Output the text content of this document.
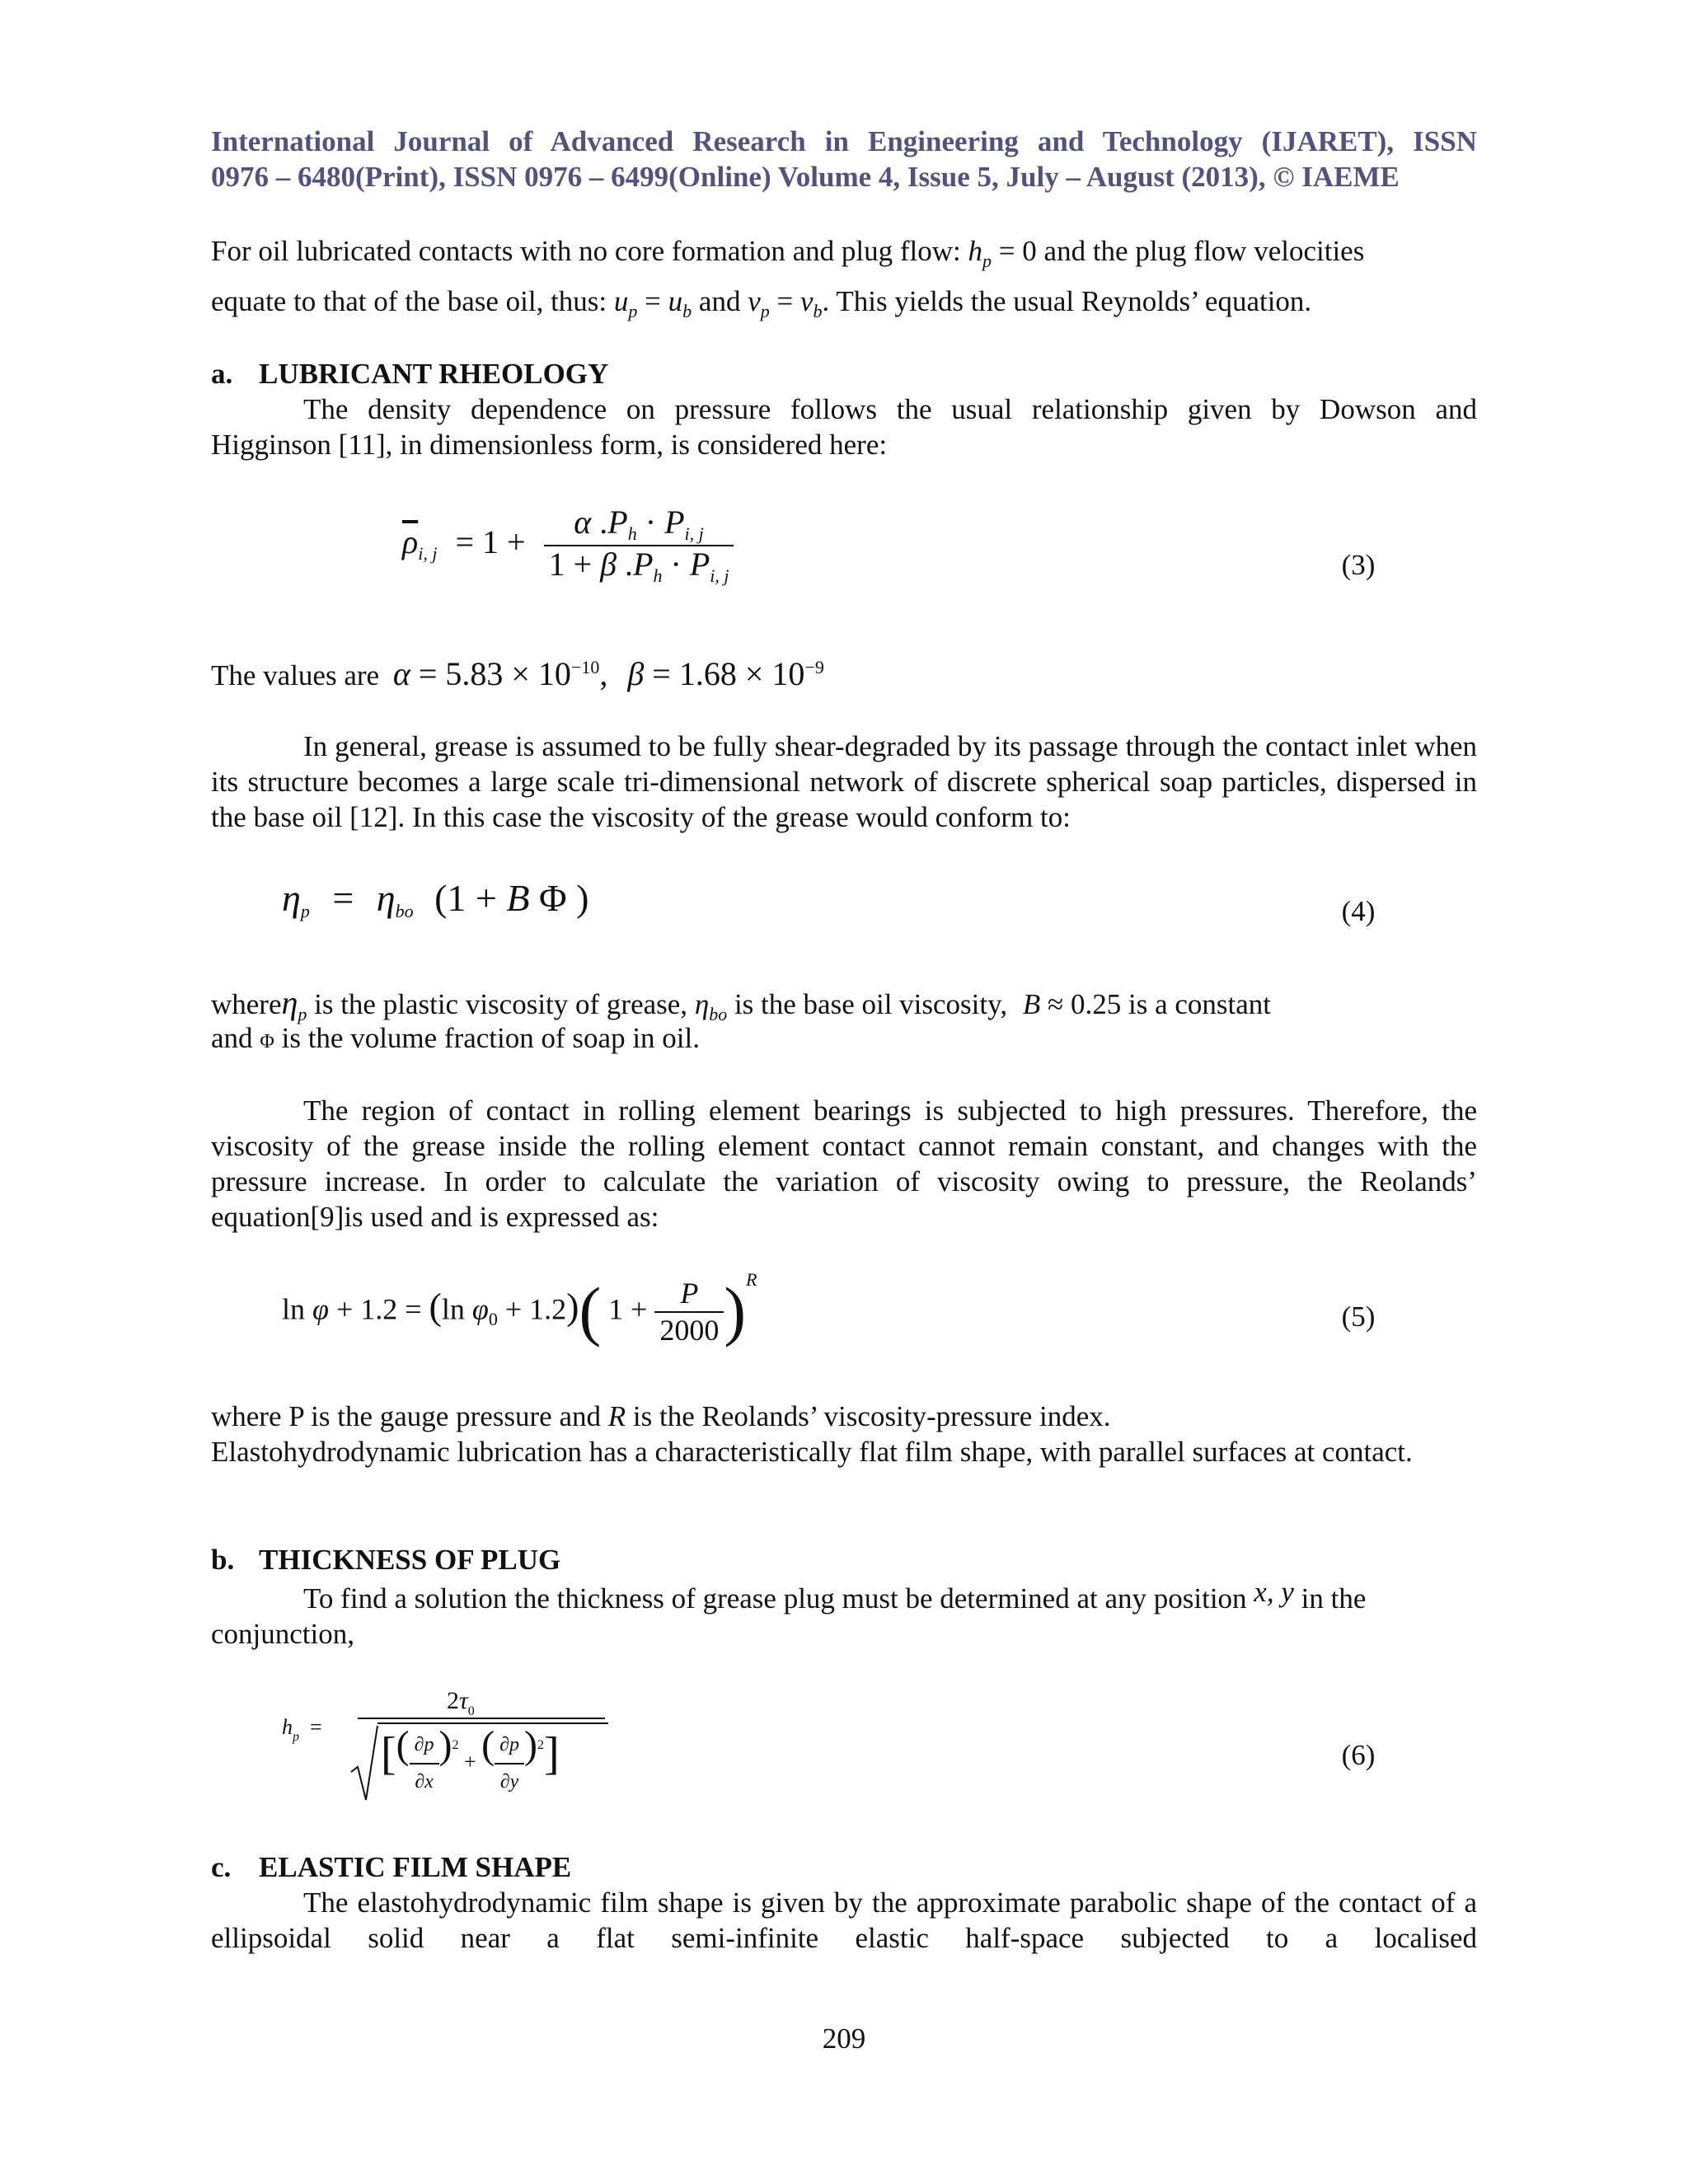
International Journal of Advanced Research in Engineering and Technology (IJARET), ISSN
0976 – 6480(Print), ISSN 0976 – 6499(Online) Volume 4, Issue 5, July – August (2013), © IAEME
For oil lubricated contacts with no core formation and plug flow: $h_p = 0$ and the plug flow velocities
equate to that of the base oil, thus: $u_p = u_b$ and $v_p = v_b$. This yields the usual Reynolds’ equation.
a. LUBRICANT RHEOLOGY
The density dependence on pressure follows the usual relationship given by Dowson and
Higginson [11], in dimensionless form, is considered here:
$\overline{\rho}_{i, j} = 1 + \frac{\alpha .P_h \cdot P_{i, j}}{1 + \beta .P_h \cdot P_{i, j}}$	(3)
The values are $\alpha = 5.83 \times 10^{-10}$, $\beta = 1.68 \times 10^{-9}$
In general, grease is assumed to be fully shear-degraded by its passage through the contact inlet when its structure becomes a large scale tri-dimensional network of discrete spherical soap particles, dispersed in the base oil [12]. In this case the viscosity of the grease would conform to:
ηp = ηbo (1 + B Φ )	(4)
whereη$_p$ is the plastic viscosity of grease, $\eta_{bo}$ is the base oil viscosity, B ≈ 0.25 is a constant
and Φ is the volume fraction of soap in oil.
The region of contact in rolling element bearings is subjected to high pressures. Therefore, the viscosity of the grease inside the rolling element contact cannot remain constant, and changes with the pressure increase. In order to calculate the variation of viscosity owing to pressure, the Reolands’ equation[9]is used and is expressed as:
ln φ + 1.2 = (ln $\varphi_0 + 1.2$)( $1 + \frac{P}{2000} )^R$
(5)
where P is the gauge pressure and R is the Reolands’ viscosity-pressure index.
Elastohydrodynamic lubrication has a characteristically flat film shape, with parallel surfaces at contact.
b. THICKNESS OF PLUG
To find a solution the thickness of grease plug must be determined at any position x, y in the
conjunction,
$h_p$  =
$2\tau_0$
[( $\frac{\partial p}{\partial x} )^2$ + ( $\frac{\partial p}{\partial y} )^2$]	(6)
c. ELASTIC FILM SHAPE
The elastohydrodynamic film shape is given by the approximate parabolic shape of the contact of a ellipsoidal solid near a flat semi-infinite elastic half-space subjected to a localised
209
